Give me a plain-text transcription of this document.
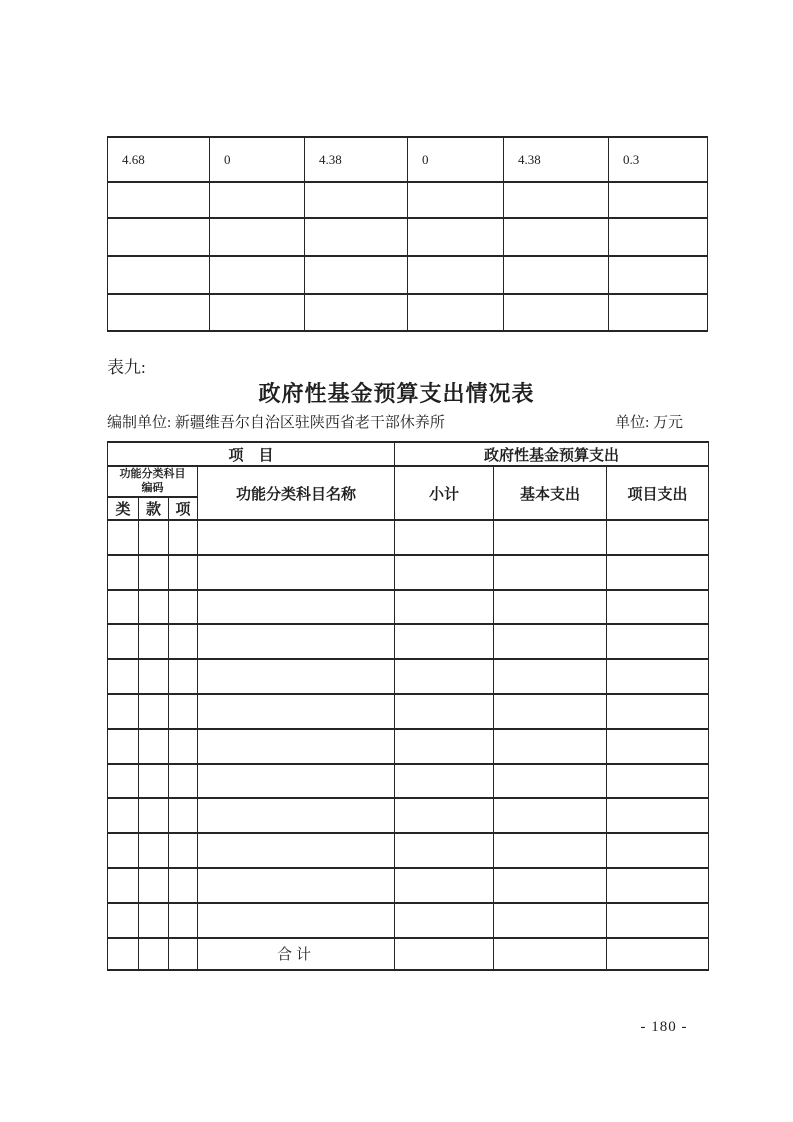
4.68	0	4.38	0	4.38	0.3

表九:
政府性基金预算支出情况表
编制单位: 新疆维吾尔自治区驻陕西省老干部休养所	单位: 万元
项　目				政府性基金预算支出		

功能分类科目
编码			功能分类科目名称	小计	基本支出	项目支出
类	款	项				

			合计			
- 180 -
